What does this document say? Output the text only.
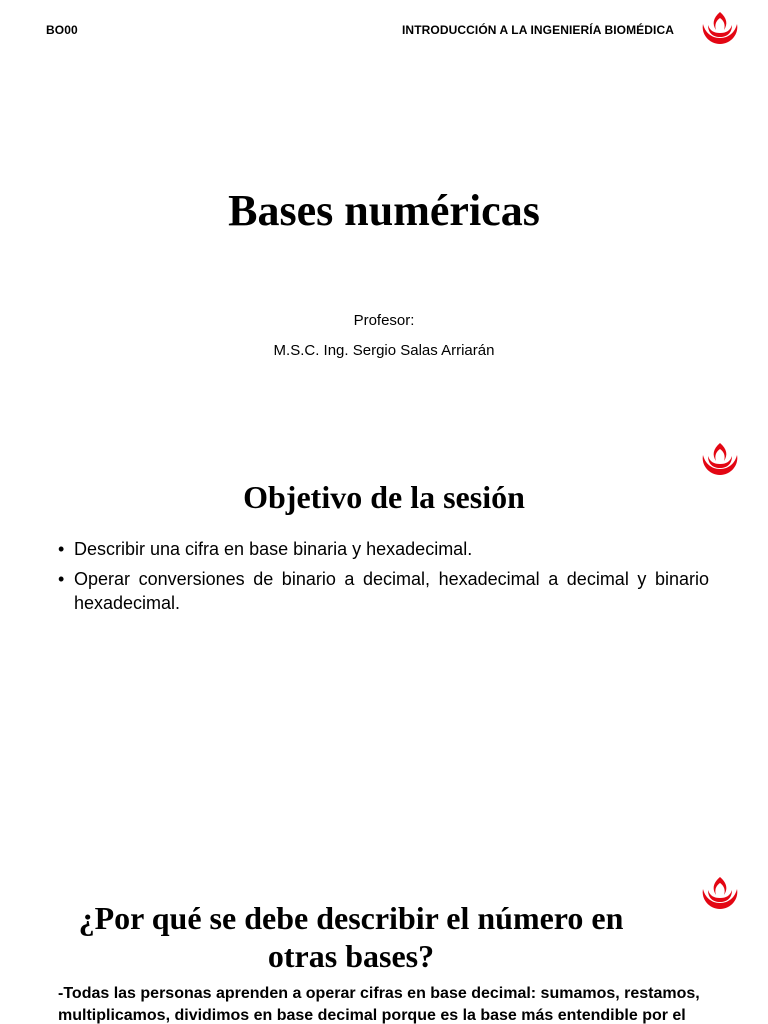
BO00	INTRODUCCIÓN A LA INGENIERÍA BIOMÉDICA
Bases numéricas
Profesor:
M.S.C. Ing. Sergio Salas Arriarán
Objetivo de la sesión
• Describir una cifra en base binaria y hexadecimal.
• Operar conversiones de binario a decimal, hexadecimal a decimal y binario hexadecimal.
¿Por qué se debe describir el número en otras bases?
-Todas las personas aprenden a operar cifras en base decimal: sumamos, restamos, multiplicamos, dividimos en base decimal porque es la base más entendible por el
